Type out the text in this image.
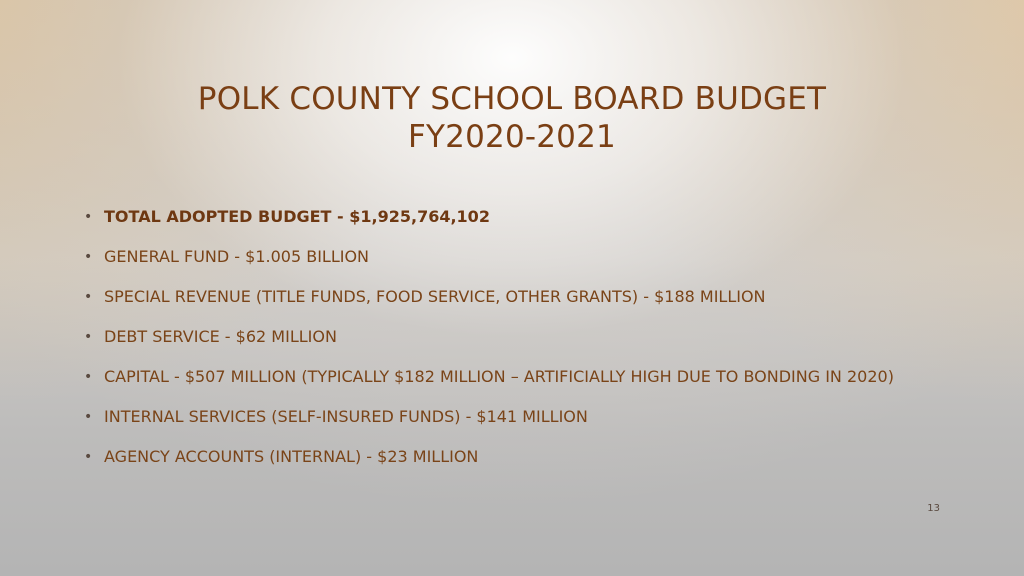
POLK COUNTY SCHOOL BOARD BUDGET
FY2020-2021
• TOTAL ADOPTED BUDGET - $1,925,764,102
• GENERAL FUND - $1.005 BILLION
• SPECIAL REVENUE (TITLE FUNDS, FOOD SERVICE, OTHER GRANTS) - $188 MILLION
• DEBT SERVICE - $62 MILLION
• CAPITAL - $507 MILLION (TYPICALLY $182 MILLION – ARTIFICIALLY HIGH DUE TO BONDING IN 2020)
• INTERNAL SERVICES (SELF-INSURED FUNDS) - $141 MILLION
• AGENCY ACCOUNTS (INTERNAL) - $23 MILLION
13
